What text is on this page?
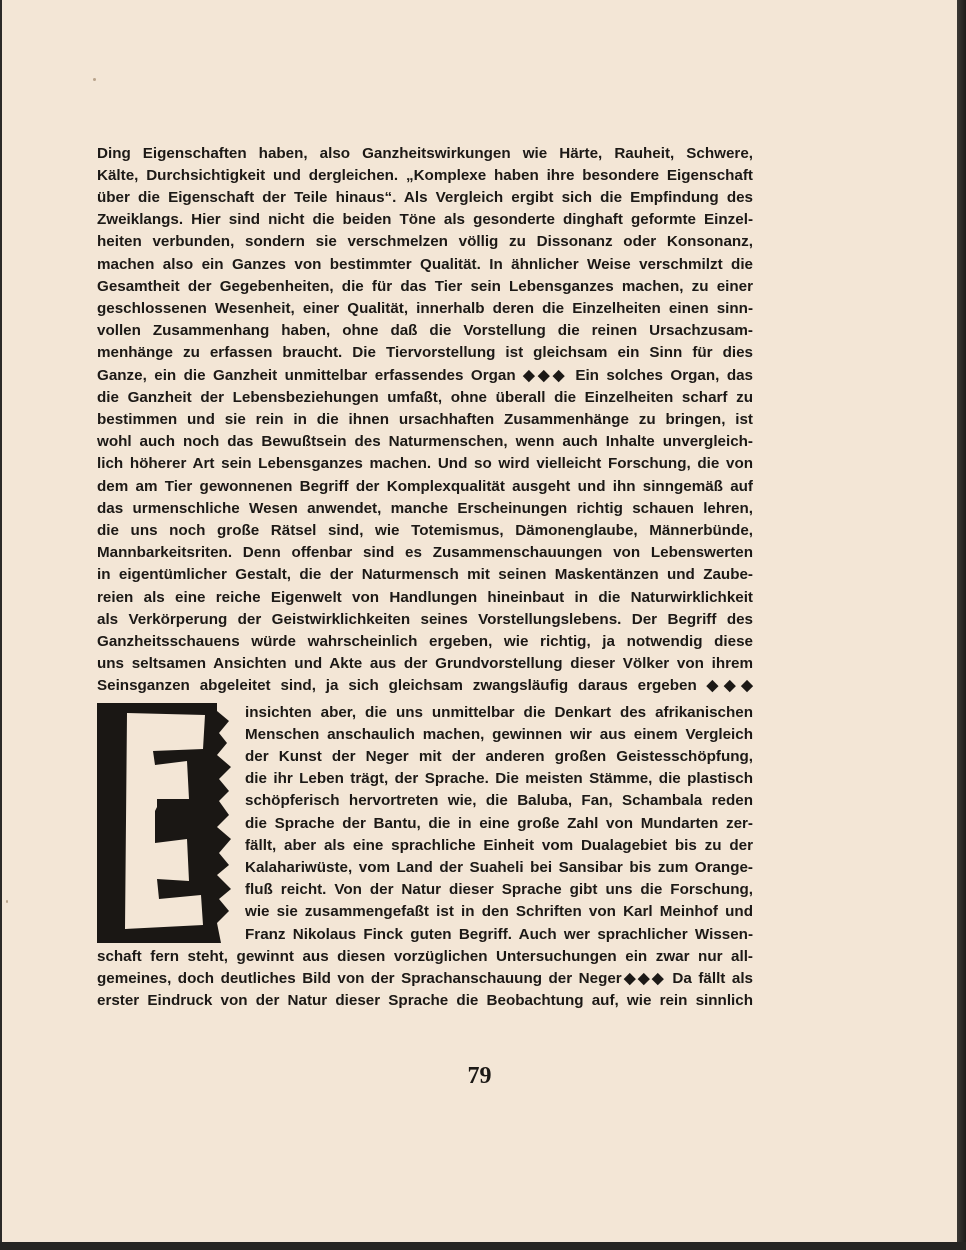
Ding Eigenschaften haben, also Ganzheitswirkungen wie Härte, Rauheit, Schwere,
Kälte, Durchsichtigkeit und dergleichen. „Komplexe haben ihre besondere Eigenschaft
über die Eigenschaft der Teile hinaus“. Als Vergleich ergibt sich die Empfindung des
Zweiklangs. Hier sind nicht die beiden Töne als gesonderte dinghaft geformte Einzel-
heiten verbunden, sondern sie verschmelzen völlig zu Dissonanz oder Konsonanz,
machen also ein Ganzes von bestimmter Qualität. In ähnlicher Weise verschmilzt die
Gesamtheit der Gegebenheiten, die für das Tier sein Lebensganzes machen, zu einer
geschlossenen Wesenheit, einer Qualität, innerhalb deren die Einzelheiten einen sinn-
vollen Zusammenhang haben, ohne daß die Vorstellung die reinen Ursachzusam-
menhänge zu erfassen braucht. Die Tiervorstellung ist gleichsam ein Sinn für dies
Ganze, ein die Ganzheit unmittelbar erfassendes Organ ◆◆◆ Ein solches Organ, das
die Ganzheit der Lebensbeziehungen umfaßt, ohne überall die Einzelheiten scharf zu
bestimmen und sie rein in die ihnen ursachhaften Zusammenhänge zu bringen, ist
wohl auch noch das Bewußtsein des Naturmenschen, wenn auch Inhalte unvergleich-
lich höherer Art sein Lebensganzes machen. Und so wird vielleicht Forschung, die von
dem am Tier gewonnenen Begriff der Komplexqualität ausgeht und ihn sinngemäß auf
das urmenschliche Wesen anwendet, manche Erscheinungen richtig schauen lehren,
die uns noch große Rätsel sind, wie Totemismus, Dämonenglaube, Männerbünde,
Mannbarkeitsriten. Denn offenbar sind es Zusammenschauungen von Lebenswerten
in eigentümlicher Gestalt, die der Naturmensch mit seinen Maskentänzen und Zaube-
reien als eine reiche Eigenwelt von Handlungen hineinbaut in die Naturwirklichkeit
als Verkörperung der Geistwirklichkeiten seines Vorstellungslebens. Der Begriff des
Ganzheitsschauens würde wahrscheinlich ergeben, wie richtig, ja notwendig diese
uns seltsamen Ansichten und Akte aus der Grundvorstellung dieser Völker von ihrem
Seinsganzen abgeleitet sind, ja sich gleichsam zwangsläufig daraus ergeben ◆◆◆
insichten aber, die uns unmittelbar die Denkart des afrikanischen
Menschen anschaulich machen, gewinnen wir aus einem Vergleich
der Kunst der Neger mit der anderen großen Geistesschöpfung,
die ihr Leben trägt, der Sprache. Die meisten Stämme, die plastisch
schöpferisch hervortreten wie, die Baluba, Fan, Schambala reden
die Sprache der Bantu, die in eine große Zahl von Mundarten zer-
fällt, aber als eine sprachliche Einheit vom Dualagebiet bis zu der
Kalahariwüste, vom Land der Suaheli bei Sansibar bis zum Orange-
fluß reicht. Von der Natur dieser Sprache gibt uns die Forschung,
wie sie zusammengefaßt ist in den Schriften von Karl Meinhof und
Franz Nikolaus Finck guten Begriff. Auch wer sprachlicher Wissen-
schaft fern steht, gewinnt aus diesen vorzüglichen Untersuchungen ein zwar nur all-
gemeines, doch deutliches Bild von der Sprachanschauung der Neger◆◆◆ Da fällt als
erster Eindruck von der Natur dieser Sprache die Beobachtung auf, wie rein sinnlich
79
